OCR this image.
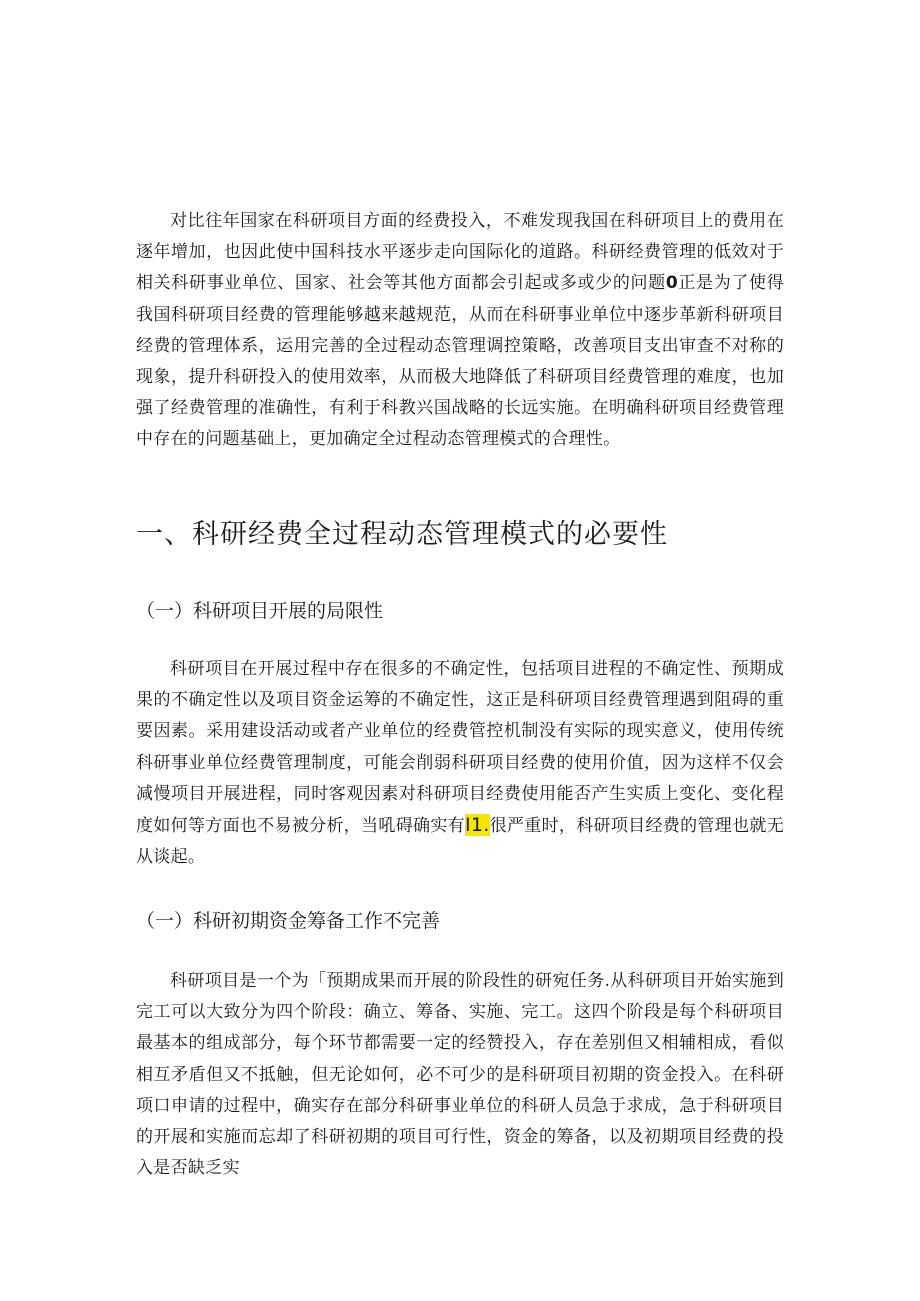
对比往年国家在科研项目方面的经费投入，不难发现我国在科研项目上的费用在逐年增加，也因此使中国科技水平逐步走向国际化的道路。科研经费管理的低效对于相关科研事业单位、国家、社会等其他方面都会引起或多或少的问题0正是为了使得我国科研项目经费的管理能够越来越规范，从而在科研事业单位中逐步革新科研项目经费的管理体系，运用完善的全过程动态管理调控策略，改善项目支出审查不对称的现象，提升科研投入的使用效率，从而极大地降低了科研项目经费管理的难度，也加强了经费管理的准确性，有利于科教兴国战略的长远实施。在明确科研项目经费管理中存在的问题基础上，更加确定全过程动态管理模式的合理性。

一、科研经费全过程动态管理模式的必要性
（一）科研项目开展的局限性

科研项目在开展过程中存在很多的不确定性，包括项目进程的不确定性、预期成果的不确定性以及项目资金运筹的不确定性，这正是科研项目经费管理遇到阻碍的重要因素。采用建设活动或者产业单位的经费管控机制没有实际的现实意义，使用传统科研事业单位经费管理制度，可能会削弱科研项目经费的使用价值，因为这样不仅会减慢项目开展进程，同时客观因素对科研项目经费使用能否产生实质上变化、变化程度如何等方面也不易被分析，当吼碍确实有I1.很严重时，科研项目经费的管理也就无从谈起。

（一）科研初期资金筹备工作不完善

科研项目是一个为「预期成果而开展的阶段性的研宛任务.从科研项目开始实施到完工可以大致分为四个阶段：确立、筹备、实施、完工。这四个阶段是每个科研项目最基本的组成部分，每个环节都需要一定的经赞投入，存在差别但又相辅相成，看似相互矛盾但又不抵触，但无论如何，必不可少的是科研项目初期的资金投入。在科研项口申请的过程中，确实存在部分科研事业单位的科研人员急于求成，急于科研项目的开展和实施而忘却了科研初期的项目可行性，资金的筹备，以及初期项目经费的投入是否缺乏实
